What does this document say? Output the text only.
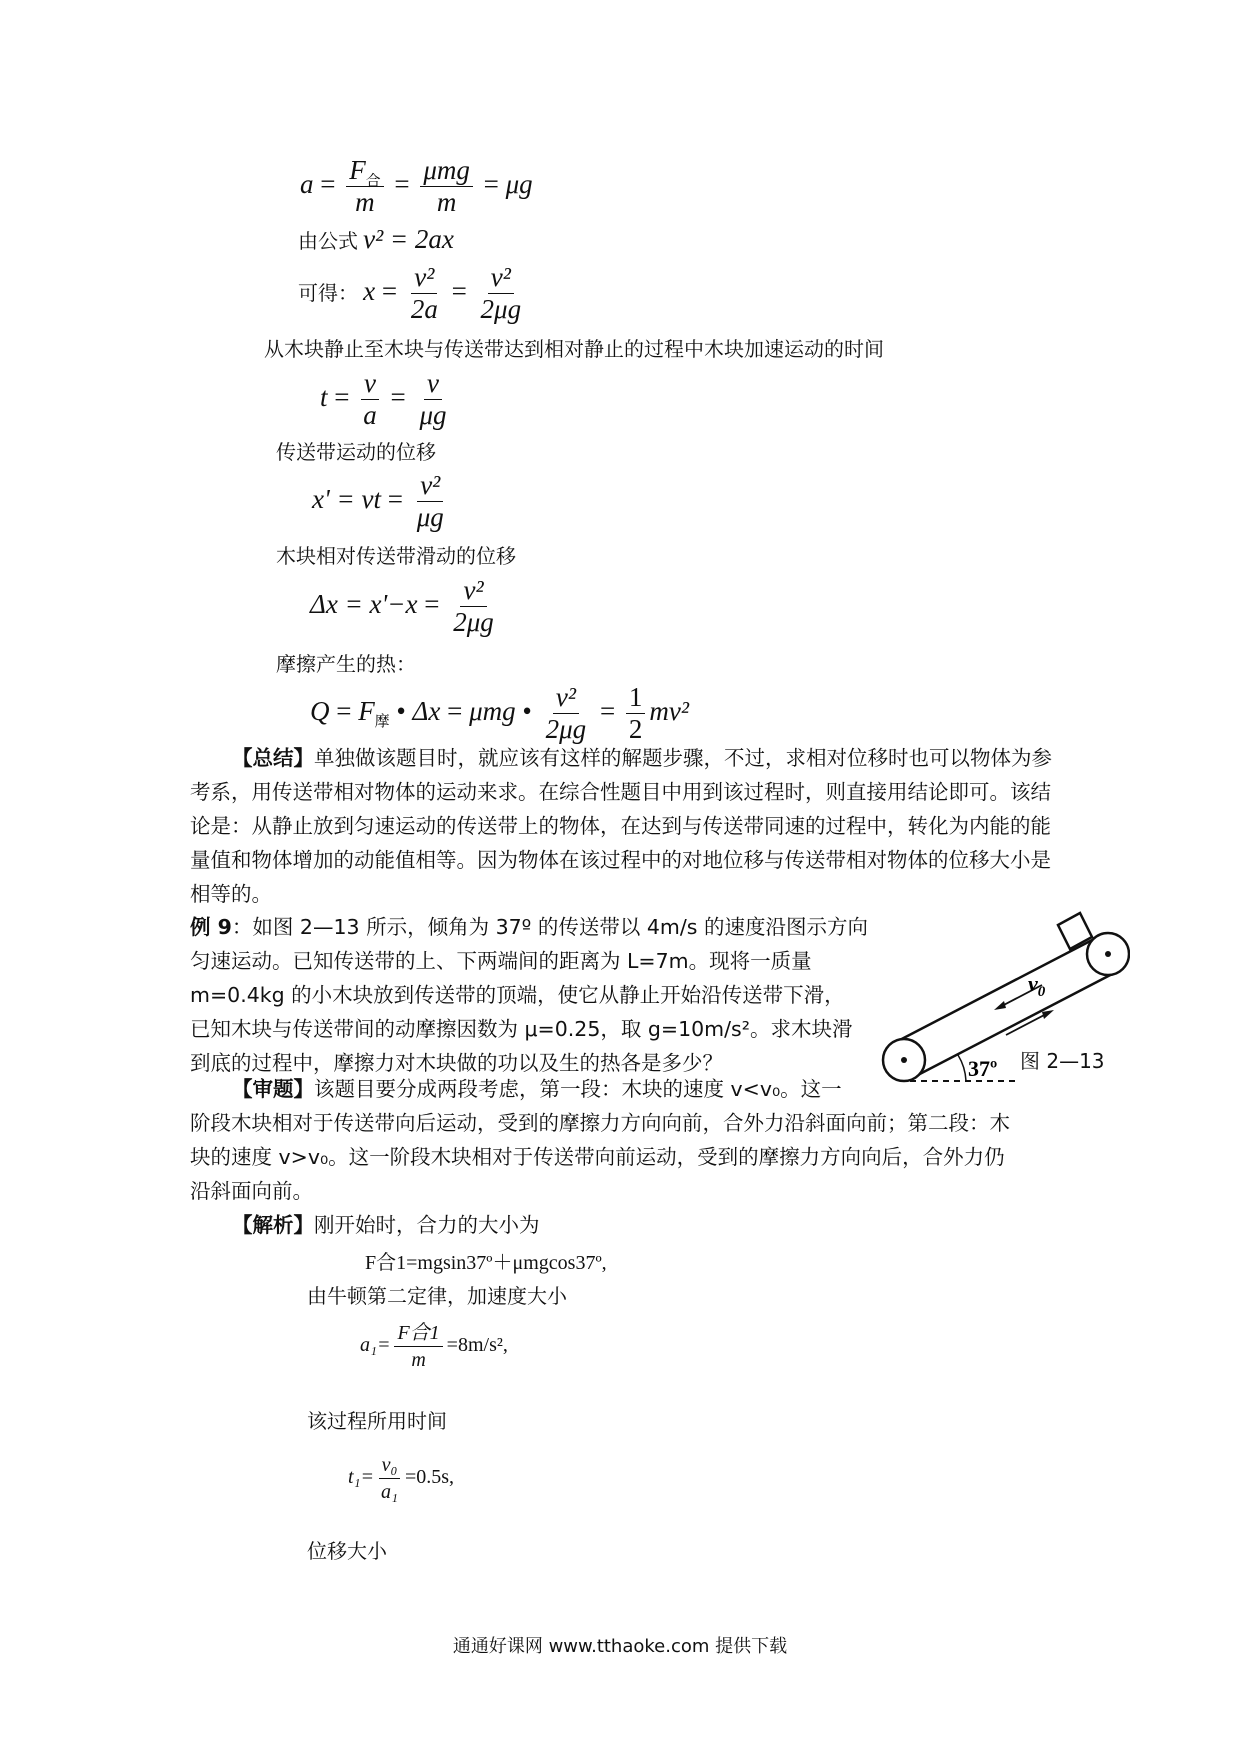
$a = \frac{F_合}{m} = \frac{\text{μmg}}{m} = \mu g$
由公式 v² = 2ax
可得： $x = \frac{\text{v²}}{2a} = \frac{\text{v²}}{2\mu g}$
从木块静止至木块与传送带达到相对静止的过程中木块加速运动的时间
$t = \frac{v}{a} = \frac{v}{\mu g}$
传送带运动的位移
x' = vt = $\frac{\text{v²}}{\mu g}$
木块相对传送带滑动的位移
$\Delta x = x'-x = \frac{\text{v²}}{2\mu g}$
摩擦产生的热：
$Q = F_摩$ • Δx = μmg • $\frac{\text{v²}}{2\mu g} = \frac{1}{2} mv^2$
【总结】单独做该题目时，就应该有这样的解题步骤，不过，求相对位移时也可以物体为参考系，用传送带相对物体的运动来求。在综合性题目中用到该过程时，则直接用结论即可。该结论是：从静止放到匀速运动的传送带上的物体，在达到与传送带同速的过程中，转化为内能的能量值和物体增加的动能值相等。因为物体在该过程中的对地位移与传送带相对物体的位移大小是相等的。
例 9：如图 2—13 所示，倾角为 37º 的传送带以 4m/s 的速度沿图示方向
匀速运动。已知传送带的上、下两端间的距离为 L=7m。现将一质量
m=0.4kg 的小木块放到传送带的顶端，使它从静止开始沿传送带下滑，
已知木块与传送带间的动摩擦因数为 μ=0.25，取 g=10m/s²。求木块滑
到底的过程中，摩擦力对木块做的功以及生的热各是多少？
$v_0$
37º 图 2—13
【审题】该题目要分成两段考虑，第一段：木块的速度 v<v₀。这一
阶段木块相对于传送带向后运动，受到的摩擦力方向向前，合外力沿斜面向前；第二段：木
块的速度 v>v₀。这一阶段木块相对于传送带向前运动，受到的摩擦力方向向后，合外力仍
沿斜面向前。
【解析】刚开始时，合力的大小为
F合1=mgsin37º＋μmgcos37º,
由牛顿第二定律，加速度大小
$a_1= \frac{\text{F合1}}{m} =8m/s^2$,
该过程所用时间
$t_1= \frac{\text{v₀}}{\text{a₁}} =0.5s$,
位移大小
通通好课网 www.tthaoke.com 提供下载
